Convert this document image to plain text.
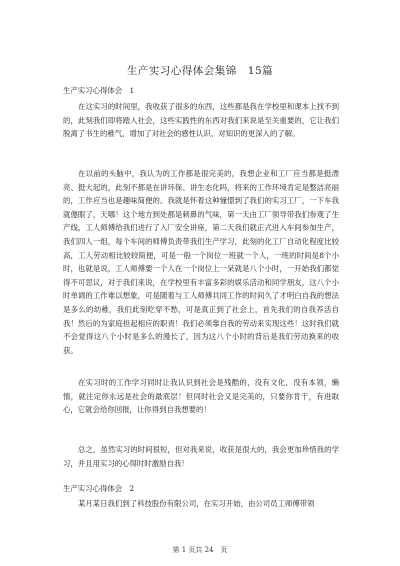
生产实习心得体会集锦　15篇
生产实习心得体会　1

在这实习的时间里，我收获了很多的东西，这些都是我在学校里和课本上找不到的，此刻我们即将踏入社会，这些实践性的东西对我们来说是至关重要的，它让我们脱离了书生的稚气，增加了对社会的感性认识、对知识的更深入的了解。

在以前的头脑中，我认为的工作都是很完美的，我想企业和工厂应当都是挺漂亮、挺大起的，此刻不都是在讲环保、讲生态化吗，将来的工作环境肯定是整洁亮丽的，工作应当也是趣味简便的。我就是怀着这种憧憬到了我们的实习工厂，一下车我就傻眼了，天哪！这个地方到处都是刺鼻的气味，第一天由工厂领导带我们参观了生产线，工人师傅给我们进行了入厂安全讲座，第二天我们就正式进入车间参加生产，我们四人一组，每个车间的师傅负责带我们生产学习，此刻的化工厂自动化程度比较高，工人劳动相比较较简便，可是一般一个岗位一班就一个人，一班的时间是8个小时，也就是说，工人师傅要一个人在一个岗位上一呆就是八个小时，一开始我们都觉得不可思议，对于我们来说，在学校里有丰富多彩的娱乐活动和同学朋友，这八个小时单调的工作难以想象，可是随着与工人师傅共同工作的时间久了才明白自我的想法是多么的幼稚，我们此刻吃穿不愁，可是真正到了社会上，首先我们的自我养活自我！然后的为家庭担起相应的职责！我们必须靠自我的劳动来实现这些！这时我们就不会觉得这八个小时是多么的漫长了，因为这八个小时的背后是我们劳动换来的收获。

在实习时的工作学习同时让我认识到社会是残酷的，没有文化，没有本领，懒惰，就注定你永远是社会的最底层！但同时社会又是完美的，只要你肯干，有进取心，它就会给你回报，让你得到自我想要的！

总之，虽然实习的时间很短，但对我来说，收获是很大的，我会更加珍惜我的学习，并且用实习的心得时时激励自我！

生产实习心得体会　2

某月某日我们到了科技股份有限公司，在实习开始，由公司员工师傅带领

第 1 页共 24　页
